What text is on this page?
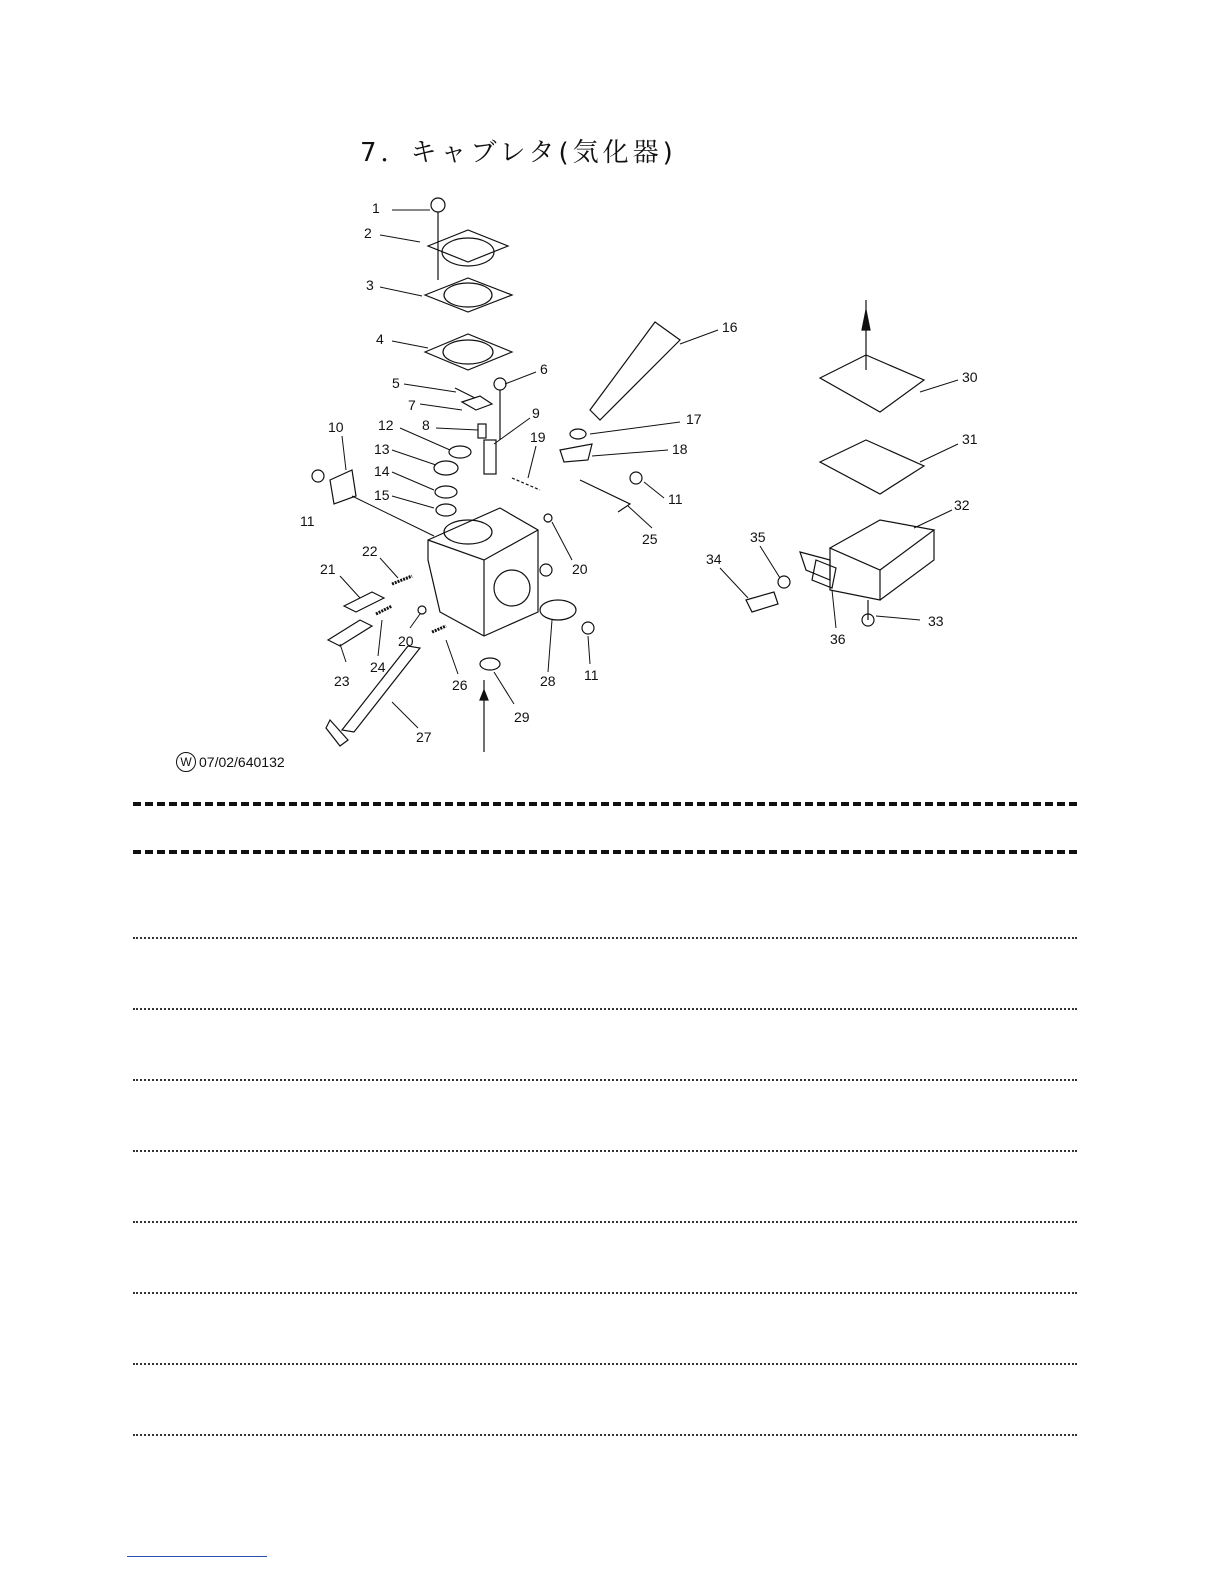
7．キャブレタ(気化器)
1
2
3
4
5
6
7
8
9
10
11
11
11
12
13
14
15
16
17
18
19
20
20
21
22
23
24
25
26
27
28
29
30
31
32
33
34
35
36
W 07/02/640132
